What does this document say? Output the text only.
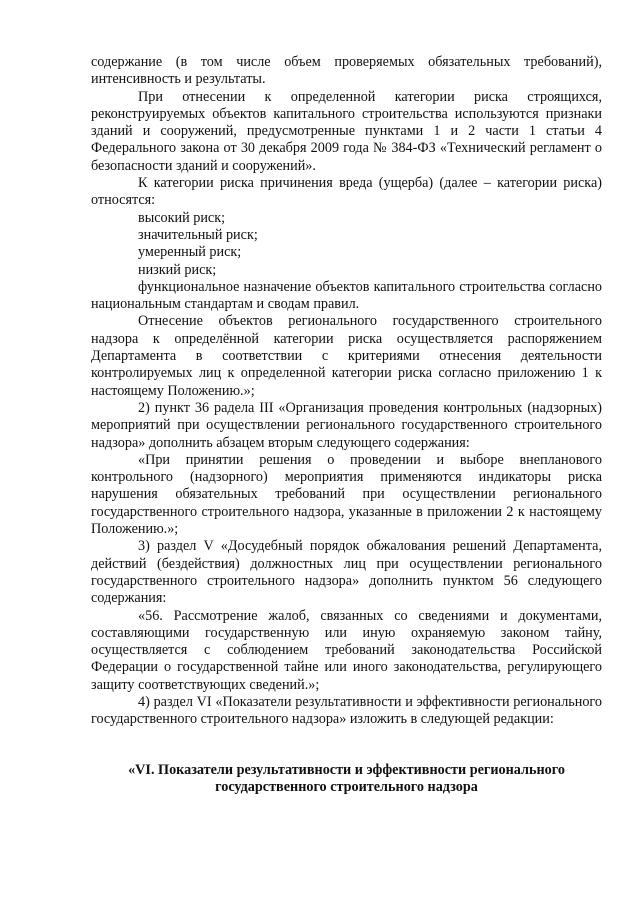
содержание (в том числе объем проверяемых обязательных требований), интенсивность и результаты.

При отнесении к определенной категории риска строящихся, реконструируемых объектов капитального строительства используются признаки зданий и сооружений, предусмотренные пунктами 1 и 2 части 1 статьи 4 Федерального закона от 30 декабря 2009 года № 384-ФЗ «Технический регламент о безопасности зданий и сооружений».

К категории риска причинения вреда (ущерба) (далее – категории риска) относятся:

высокий риск;

значительный риск;

умеренный риск;

низкий риск;

функциональное назначение объектов капитального строительства согласно национальным стандартам и сводам правил.

Отнесение объектов регионального государственного строительного надзора к определённой категории риска осуществляется распоряжением Департамента в соответствии с критериями отнесения деятельности контролируемых лиц к определенной категории риска согласно приложению 1 к настоящему Положению.»;

2) пункт 36 радела III «Организация проведения контрольных (надзорных) мероприятий при осуществлении регионального государственного строительного надзора» дополнить абзацем вторым следующего содержания:

«При принятии решения о проведении и выборе внепланового контрольного (надзорного) мероприятия применяются индикаторы риска нарушения обязательных требований при осуществлении регионального государственного строительного надзора, указанные в приложении 2 к настоящему Положению.»;

3) раздел V «Досудебный порядок обжалования решений Департамента, действий (бездействия) должностных лиц при осуществлении регионального государственного строительного надзора» дополнить пунктом 56 следующего содержания:

«56. Рассмотрение жалоб, связанных со сведениями и документами, составляющими государственную или иную охраняемую законом тайну, осуществляется с соблюдением требований законодательства Российской Федерации о государственной тайне или иного законодательства, регулирующего защиту соответствующих сведений.»;

4) раздел VI «Показатели результативности и эффективности регионального государственного строительного надзора» изложить в следующей редакции:

«VI. Показатели результативности и эффективности регионального государственного строительного надзора
